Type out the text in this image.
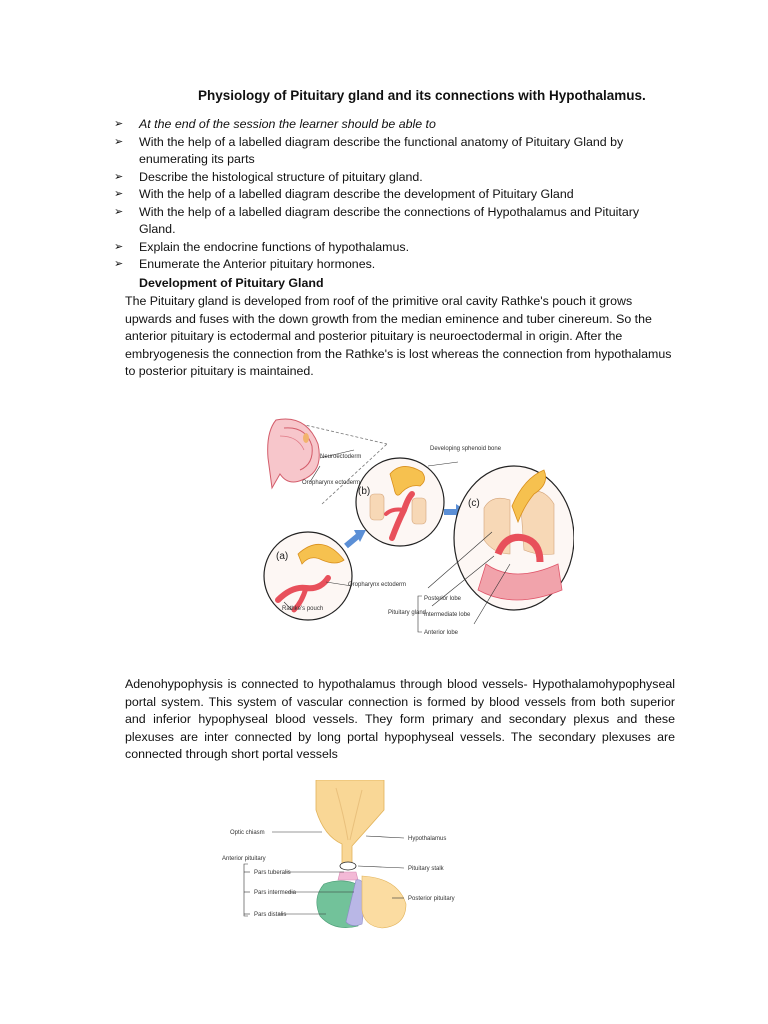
Physiology of Pituitary gland and its connections with Hypothalamus.
➢ At the end of the session the learner should be able to
➢ With the help of a labelled diagram describe the functional anatomy of Pituitary Gland by enumerating its parts
➢ Describe the histological structure of pituitary gland.
➢ With the help of a labelled diagram describe the development of Pituitary Gland
➢ With the help of a labelled diagram describe the connections of Hypothalamus and Pituitary Gland.
➢ Explain the endocrine functions of hypothalamus.
➢ Enumerate the Anterior pituitary hormones.
Development of Pituitary Gland

The Pituitary gland is developed from roof of the primitive oral cavity Rathke's pouch it grows upwards and fuses with the down growth from the median eminence and tuber cinereum. So the anterior pituitary is ectodermal and posterior pituitary is neuroectodermal in origin. After the embryogenesis the connection from the Rathke's is lost whereas the connection from hypothalamus to posterior pituitary is maintained.

(a)
(b)
(c)
Neuroectoderm
Oropharynx ectoderm
Developing sphenoid bone
Rathke's pouch
Oropharynx ectoderm
Pituitary gland
Posterior lobe
Intermediate lobe
Anterior lobe

Adenohypophysis is connected to hypothalamus through blood vessels- Hypothalamohypophyseal portal system. This system of vascular connection is formed by blood vessels from both superior and inferior hypophyseal blood vessels. They form primary and secondary plexus and these plexuses are inter connected by long portal hypophyseal vessels. The secondary plexuses are connected through short portal vessels

Optic chiasm
Hypothalamus
Anterior pituitary
Pituitary stalk
Pars tuberalis
Pars intermedia
Posterior pituitary
Pars distalis
